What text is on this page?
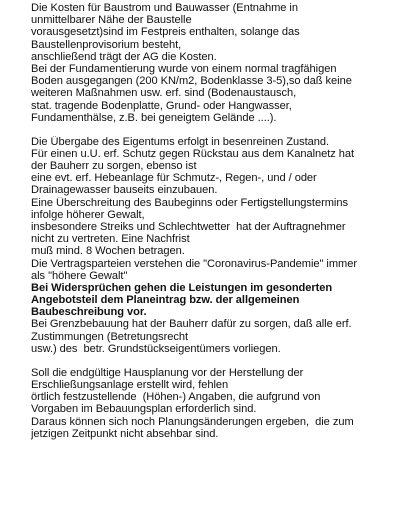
Die Kosten für Baustrom und Bauwasser (Entnahme in
unmittelbarer Nähe der Baustelle
vorausgesetzt)sind im Festpreis enthalten, solange das
Baustellenprovisorium besteht,
anschließend trägt der AG die Kosten.
Bei der Fundamentierung wurde von einem normal tragfähigen
Boden ausgegangen (200 KN/m2, Bodenklasse 3-5),so daß keine
weiteren Maßnahmen usw. erf. sind (Bodenaustausch,
stat. tragende Bodenplatte, Grund- oder Hangwasser,
Fundamenthälse, z.B. bei geneigtem Gelände ....).
Die Übergabe des Eigentums erfolgt in besenreinen Zustand.
Für einen u.U. erf. Schutz gegen Rückstau aus dem Kanalnetz hat
der Bauherr zu sorgen, ebenso ist
eine evt. erf. Hebeanlage für Schmutz-, Regen-, und / oder
Drainagewasser bauseits einzubauen.
Eine Überschreitung des Baubeginns oder Fertigstellungstermins
infolge höherer Gewalt,
insbesondere Streiks und Schlechtwetter  hat der Auftragnehmer
nicht zu vertreten. Eine Nachfrist
muß mind. 8 Wochen betragen.
Die Vertragsparteien verstehen die "Coronavirus-Pandemie" immer
als "höhere Gewalt"
Bei Widersprüchen gehen die Leistungen im gesonderten
Angebotsteil dem Planeintrag bzw. der allgemeinen
Baubeschreibung vor.
Bei Grenzbebauung hat der Bauherr dafür zu sorgen, daß alle erf.
Zustimmungen (Betretungsrecht
usw.) des  betr. Grundstückseigentümers vorliegen.
Soll die endgültige Hausplanung vor der Herstellung der
Erschließungsanlage erstellt wird, fehlen
örtlich festzustellende  (Höhen-) Angaben, die aufgrund von
Vorgaben im Bebauungsplan erforderlich sind.
Daraus können sich noch Planungsänderungen ergeben,  die zum
jetzigen Zeitpunkt nicht absehbar sind.
